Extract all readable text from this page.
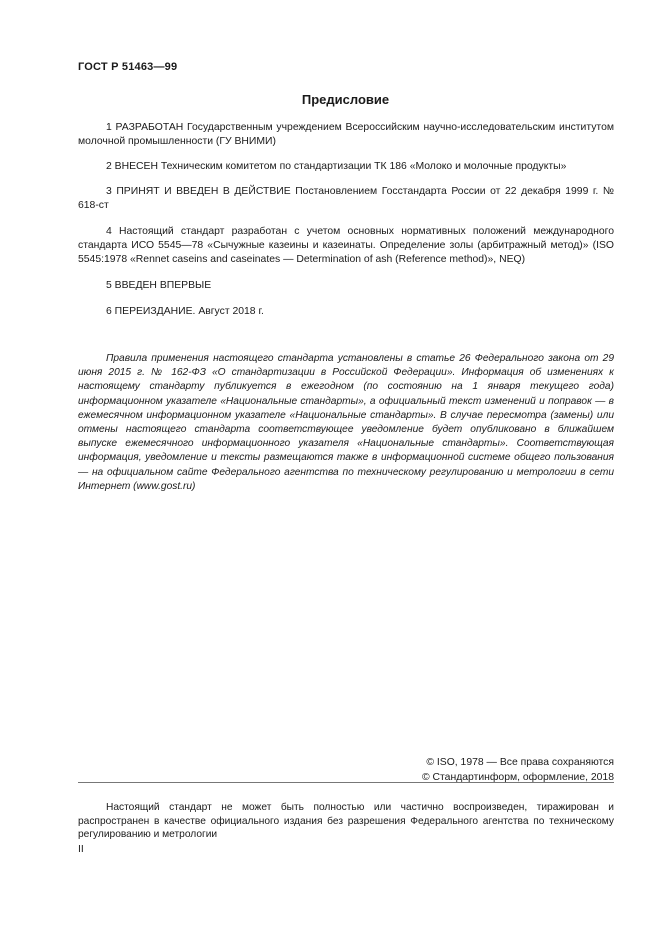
ГОСТ Р 51463—99
Предисловие
1 РАЗРАБОТАН Государственным учреждением Всероссийским научно-исследовательским институтом молочной промышленности (ГУ ВНИМИ)
2 ВНЕСЕН Техническим комитетом по стандартизации ТК 186 «Молоко и молочные продукты»
3 ПРИНЯТ И ВВЕДЕН В ДЕЙСТВИЕ Постановлением Госстандарта России от 22 декабря 1999 г. № 618-ст
4 Настоящий стандарт разработан с учетом основных нормативных положений международного стандарта ИСО 5545—78 «Сычужные казеины и казеинаты. Определение золы (арбитражный метод)» (ISO 5545:1978 «Rennet caseins and caseinates — Determination of ash (Reference method)», NEQ)
5 ВВЕДЕН ВПЕРВЫЕ
6 ПЕРЕИЗДАНИЕ. Август 2018 г.
Правила применения настоящего стандарта установлены в статье 26 Федерального закона от 29 июня 2015 г. № 162-ФЗ «О стандартизации в Российской Федерации». Информация об изменениях к настоящему стандарту публикуется в ежегодном (по состоянию на 1 января текущего года) информационном указателе «Национальные стандарты», а официальный текст изменений и поправок — в ежемесячном информационном указателе «Национальные стандарты». В случае пересмотра (замены) или отмены настоящего стандарта соответствующее уведомление будет опубликовано в ближайшем выпуске ежемесячного информационного указателя «Национальные стандарты». Соответствующая информация, уведомление и тексты размещаются также в информационной системе общего пользования — на официальном сайте Федерального агентства по техническому регулированию и метрологии в сети Интернет (www.gost.ru)
© ISO, 1978 — Все права сохраняются
© Стандартинформ, оформление, 2018
Настоящий стандарт не может быть полностью или частично воспроизведен, тиражирован и распространен в качестве официального издания без разрешения Федерального агентства по техническому регулированию и метрологии
II
